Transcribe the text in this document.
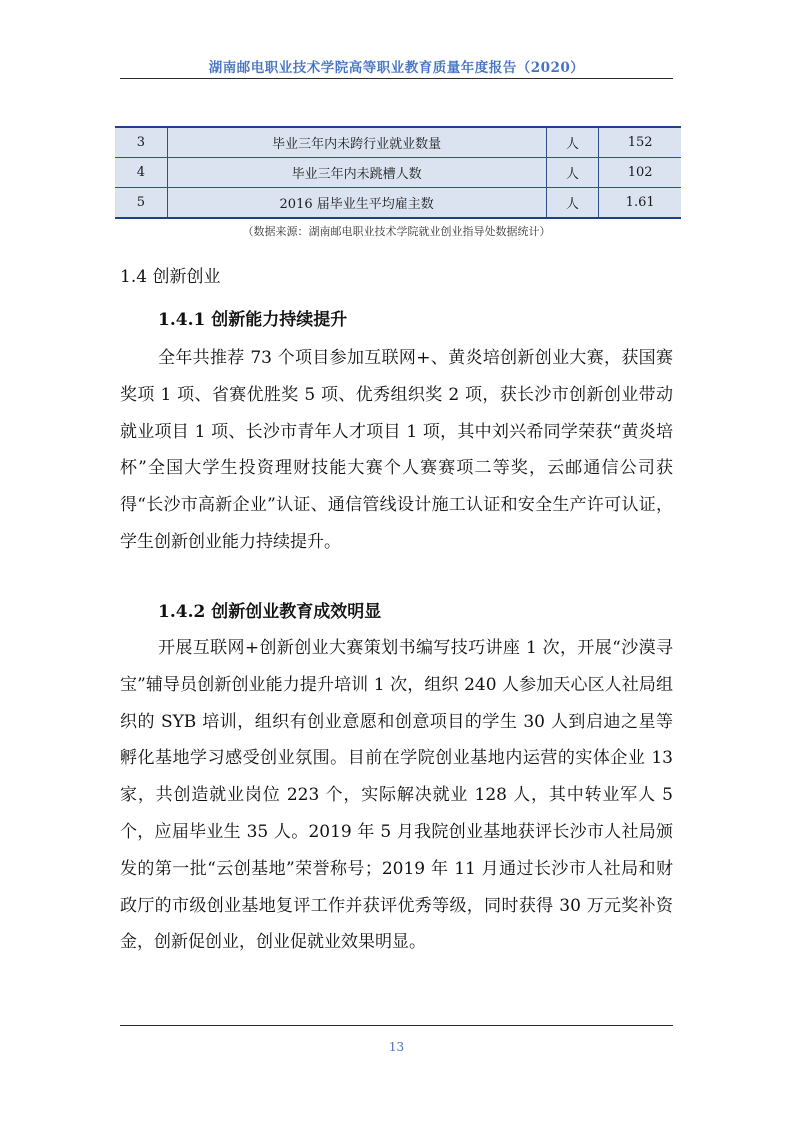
湖南邮电职业技术学院高等职业教育质量年度报告（2020）
3	毕业三年内未跨行业就业数量	人	152
4	毕业三年内未跳槽人数	人	102
5	2016 届毕业生平均雇主数	人	1.61
（数据来源：湖南邮电职业技术学院就业创业指导处数据统计）
1.4 创新创业
1.4.1 创新能力持续提升

全年共推荐 73 个项目参加互联网+、黄炎培创新创业大赛，获国赛奖项 1 项、省赛优胜奖 5 项、优秀组织奖 2 项，获长沙市创新创业带动就业项目 1 项、长沙市青年人才项目 1 项，其中刘兴希同学荣获“黄炎培杯”全国大学生投资理财技能大赛个人赛赛项二等奖，云邮通信公司获得“长沙市高新企业”认证、通信管线设计施工认证和安全生产许可认证，学生创新创业能力持续提升。

1.4.2 创新创业教育成效明显

开展互联网+创新创业大赛策划书编写技巧讲座 1 次，开展“沙漠寻宝”辅导员创新创业能力提升培训 1 次，组织 240 人参加天心区人社局组织的 SYB 培训，组织有创业意愿和创意项目的学生 30 人到启迪之星等孵化基地学习感受创业氛围。目前在学院创业基地内运营的实体企业 13 家，共创造就业岗位 223 个，实际解决就业 128 人，其中转业军人 5 个，应届毕业生 35 人。2019 年 5 月我院创业基地获评长沙市人社局颁发的第一批“云创基地”荣誉称号；2019 年 11 月通过长沙市人社局和财政厅的市级创业基地复评工作并获评优秀等级，同时获得 30 万元奖补资金，创新促创业，创业促就业效果明显。

13
